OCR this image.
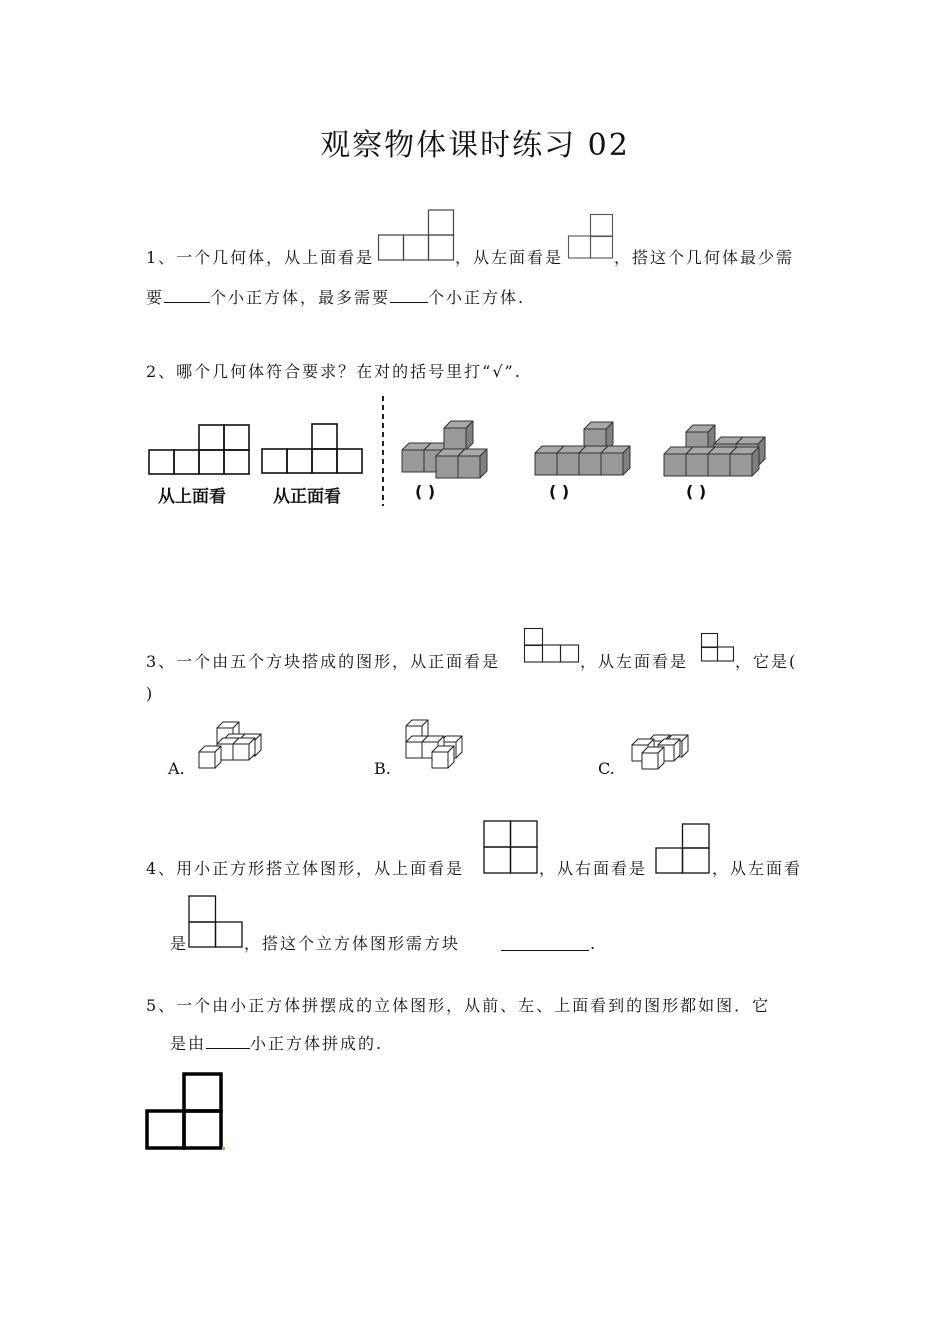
观察物体课时练习 02
1、一个几何体，从上面看是	，从左面看是	，搭这个几何体最少需
要	个小正方体，最多需要 个小正方体.
2、哪个几何体符合要求？在对的括号里打“√”.
从上面看	从正面看	( )	( )	( )
3、一个由五个方块搭成的图形，从正面看是	，从左面看是	，它是(
)
A.	B.	C.
4、用小正方形搭立体图形，从上面看是	，从右面看是	，从左面看
是	，搭这个立方体图形需方块	.
5、一个由小正方体拼摆成的立体图形，从前、左、上面看到的图形都如图．它
是由	小正方体拼成的.
